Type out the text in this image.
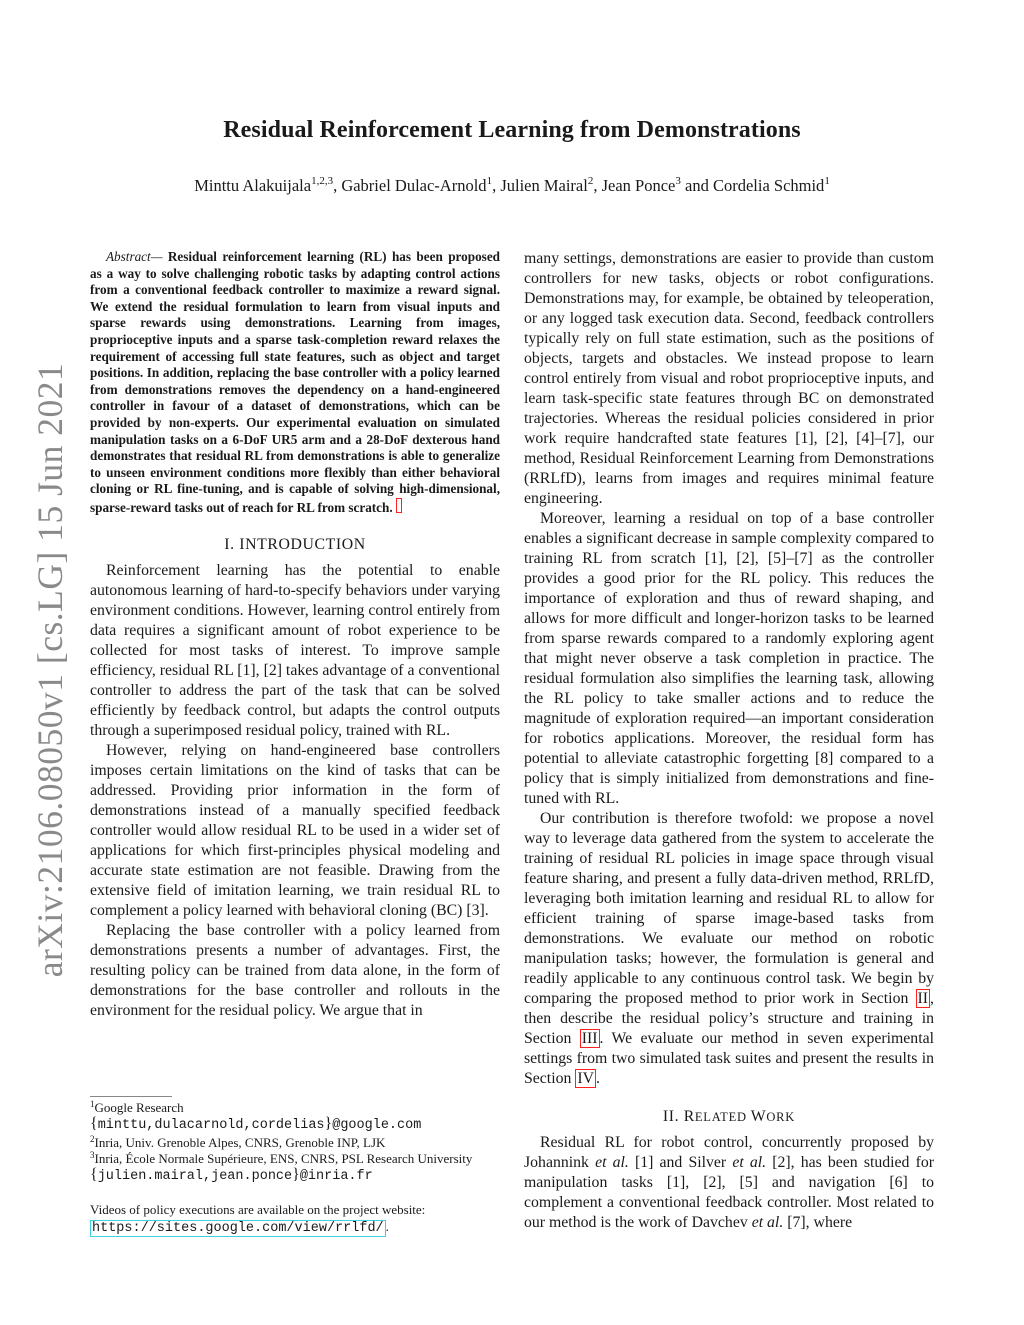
arXiv:2106.08050v1 [cs.LG] 15 Jun 2021
Residual Reinforcement Learning from Demonstrations
Minttu Alakuijala$^{1,2,3}$, Gabriel Dulac-Arnold$^1$, Julien Mairal$^2$, Jean Ponce$^3$ and Cordelia Schmid$^1$

Abstract— Residual reinforcement learning (RL) has been proposed as a way to solve challenging robotic tasks by adapting control actions from a conventional feedback controller to maximize a reward signal. We extend the residual formulation to learn from visual inputs and sparse rewards using demonstrations. Learning from images, proprioceptive inputs and a sparse task-completion reward relaxes the requirement of accessing full state features, such as object and target positions. In addition, replacing the base controller with a policy learned from demonstrations removes the dependency on a hand-engineered controller in favour of a dataset of demonstrations, which can be provided by non-experts. Our experimental evaluation on simulated manipulation tasks on a 6-DoF UR5 arm and a 28-DoF dexterous hand demonstrates that residual RL from demonstrations is able to generalize to unseen environment conditions more flexibly than either behavioral cloning or RL fine-tuning, and is capable of solving high-dimensional, sparse-reward tasks out of reach for RL from scratch.

I. INTRODUCTION

Reinforcement learning has the potential to enable autonomous learning of hard-to-specify behaviors under varying environment conditions. However, learning control entirely from data requires a significant amount of robot experience to be collected for most tasks of interest. To improve sample efficiency, residual RL [1], [2] takes advantage of a conventional controller to address the part of the task that can be solved efficiently by feedback control, but adapts the control outputs through a superimposed residual policy, trained with RL.

However, relying on hand-engineered base controllers imposes certain limitations on the kind of tasks that can be addressed. Providing prior information in the form of demonstrations instead of a manually specified feedback controller would allow residual RL to be used in a wider set of applications for which first-principles physical modeling and accurate state estimation are not feasible. Drawing from the extensive field of imitation learning, we train residual RL to complement a policy learned with behavioral cloning (BC) [3].

Replacing the base controller with a policy learned from demonstrations presents a number of advantages. First, the resulting policy can be trained from data alone, in the form of demonstrations for the base controller and rollouts in the environment for the residual policy. We argue that in

many settings, demonstrations are easier to provide than custom controllers for new tasks, objects or robot configurations. Demonstrations may, for example, be obtained by teleoperation, or any logged task execution data. Second, feedback controllers typically rely on full state estimation, such as the positions of objects, targets and obstacles. We instead propose to learn control entirely from visual and robot proprioceptive inputs, and learn task-specific state features through BC on demonstrated trajectories. Whereas the residual policies considered in prior work require handcrafted state features [1], [2], [4]–[7], our method, Residual Reinforcement Learning from Demonstrations (RRLfD), learns from images and requires minimal feature engineering.

Moreover, learning a residual on top of a base controller enables a significant decrease in sample complexity compared to training RL from scratch [1], [2], [5]–[7] as the controller provides a good prior for the RL policy. This reduces the importance of exploration and thus of reward shaping, and allows for more difficult and longer-horizon tasks to be learned from sparse rewards compared to a randomly exploring agent that might never observe a task completion in practice. The residual formulation also simplifies the learning task, allowing the RL policy to take smaller actions and to reduce the magnitude of exploration required—an important consideration for robotics applications. Moreover, the residual form has potential to alleviate catastrophic forgetting [8] compared to a policy that is simply initialized from demonstrations and fine-tuned with RL.

Our contribution is therefore twofold: we propose a novel way to leverage data gathered from the system to accelerate the training of residual RL policies in image space through visual feature sharing, and present a fully data-driven method, RRLfD, leveraging both imitation learning and residual RL to allow for efficient training of sparse image-based tasks from demonstrations. We evaluate our method on robotic manipulation tasks; however, the formulation is general and readily applicable to any continuous control task. We begin by comparing the proposed method to prior work in Section II , then describe the residual policy’s structure and training in Section III . We evaluate our method in seven experimental settings from two simulated task suites and present the results in Section IV .

II. RELATED WORK

Residual RL for robot control, concurrently proposed by Johannink et al. [1] and Silver et al. [2], has been studied for manipulation tasks [1], [2], [5] and navigation [6] to complement a conventional feedback controller. Most related to our method is the work of Davchev et al. [7], where

$^1$Google Research
{minttu,dulacarnold,cordelias}@google.com
$^2$Inria, Univ. Grenoble Alpes, CNRS, Grenoble INP, LJK
$^3$Inria, École Normale Supérieure, ENS, CNRS, PSL Research University
{julien.mairal,jean.ponce}@inria.fr
Videos of policy executions are available on the project website:
https://sites.google.com/view/rrlfd/ .
